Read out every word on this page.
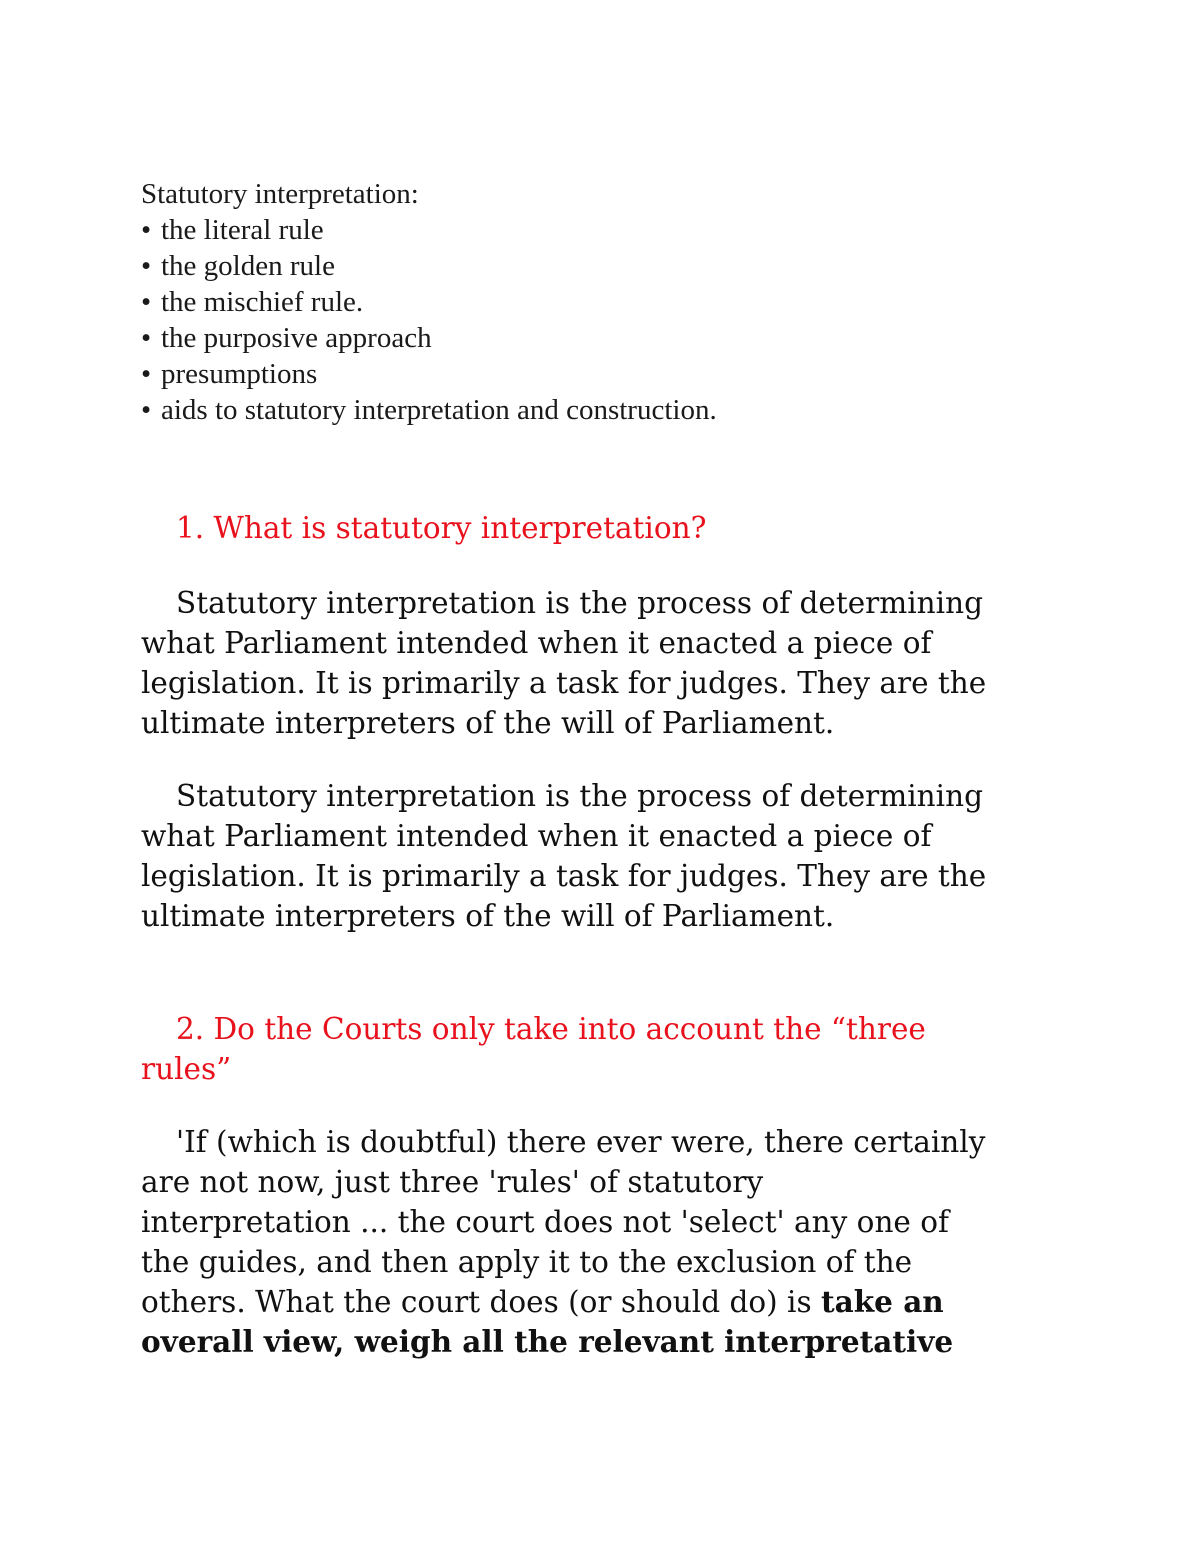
Statutory interpretation:
• the literal rule
• the golden rule
• the mischief rule.
• the purposive approach
• presumptions
• aids to statutory interpretation and construction.
1. What is statutory interpretation?
Statutory interpretation is the process of determining
what Parliament intended when it enacted a piece of
legislation. It is primarily a task for judges. They are the
ultimate interpreters of the will of Parliament.
Statutory interpretation is the process of determining
what Parliament intended when it enacted a piece of
legislation. It is primarily a task for judges. They are the
ultimate interpreters of the will of Parliament.
2. Do the Courts only take into account the “three
rules”
'If (which is doubtful) there ever were, there certainly
are not now, just three 'rules' of statutory
interpretation ... the court does not 'select' any one of
the guides, and then apply it to the exclusion of the
others. What the court does (or should do) is take an
overall view, weigh all the relevant interpretative
